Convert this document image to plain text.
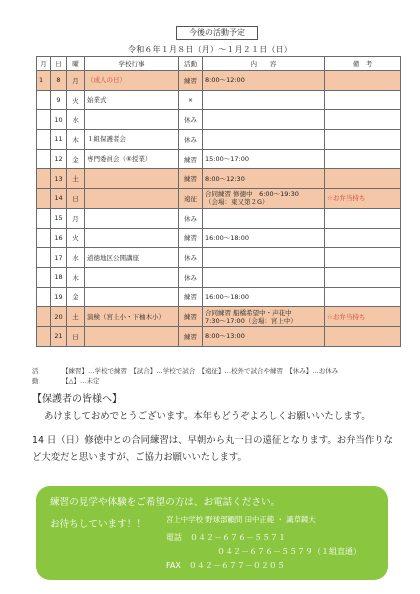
今後の活動予定
令和６年１月８日（月）～１月２１日（日）
月	日	曜	学校行事	活動	内　　容	備　考
1	8	月	（成人の日）	練習	8:00～12:00	

	9	火	始業式	×		
	10	水		休み		
	11	木	１組保護者会	休み		
	12	金	専門委員会（⑥授業）	練習	15:00～17:00	

	13	土		練習	8:00～12:30	

	14	日		遠征	合同練習 修徳中　6:00～19:30
（会場：東又第２G）	☆お弁当持ち
	15	月		休み		
	16	火		練習	16:00～18:00	

	17	水	道徳地区公開講座	休み		
	18	木		休み		
	19	金		練習	16:00～18:00	

	20	土	演検（宮上小・下柚木小）	練習	合同練習 船橋希望中・声花中
7:30～17:00（会場：宮上中）	☆お弁当持ち
	21	日		練習	8:00～13:00	

活　動
【練習】…学校で練習　【試合】…学校で試合　【遠征】…校外で試合や練習　【休み】…お休み
【△】…未定
【保護者の皆様へ】
あけましておめでとうございます。本年もどうぞよろしくお願いいたします。
14 日（日）修徳中との合同練習は、早朝から丸一日の遠征となります。お弁当作りなど大変だと思いますが、ご協力お願いいたします。
練習の見学や体験をご希望の方は、お電話ください。
お待ちしています！！	宮上中学校 野球部顧問 田中正範 ・ 識草鏡大
電話　 ０４２－６７６－５５７１
０４２－６７６－５５７９（１組直通）
FAX　 ０４２－６７７－０２０５
